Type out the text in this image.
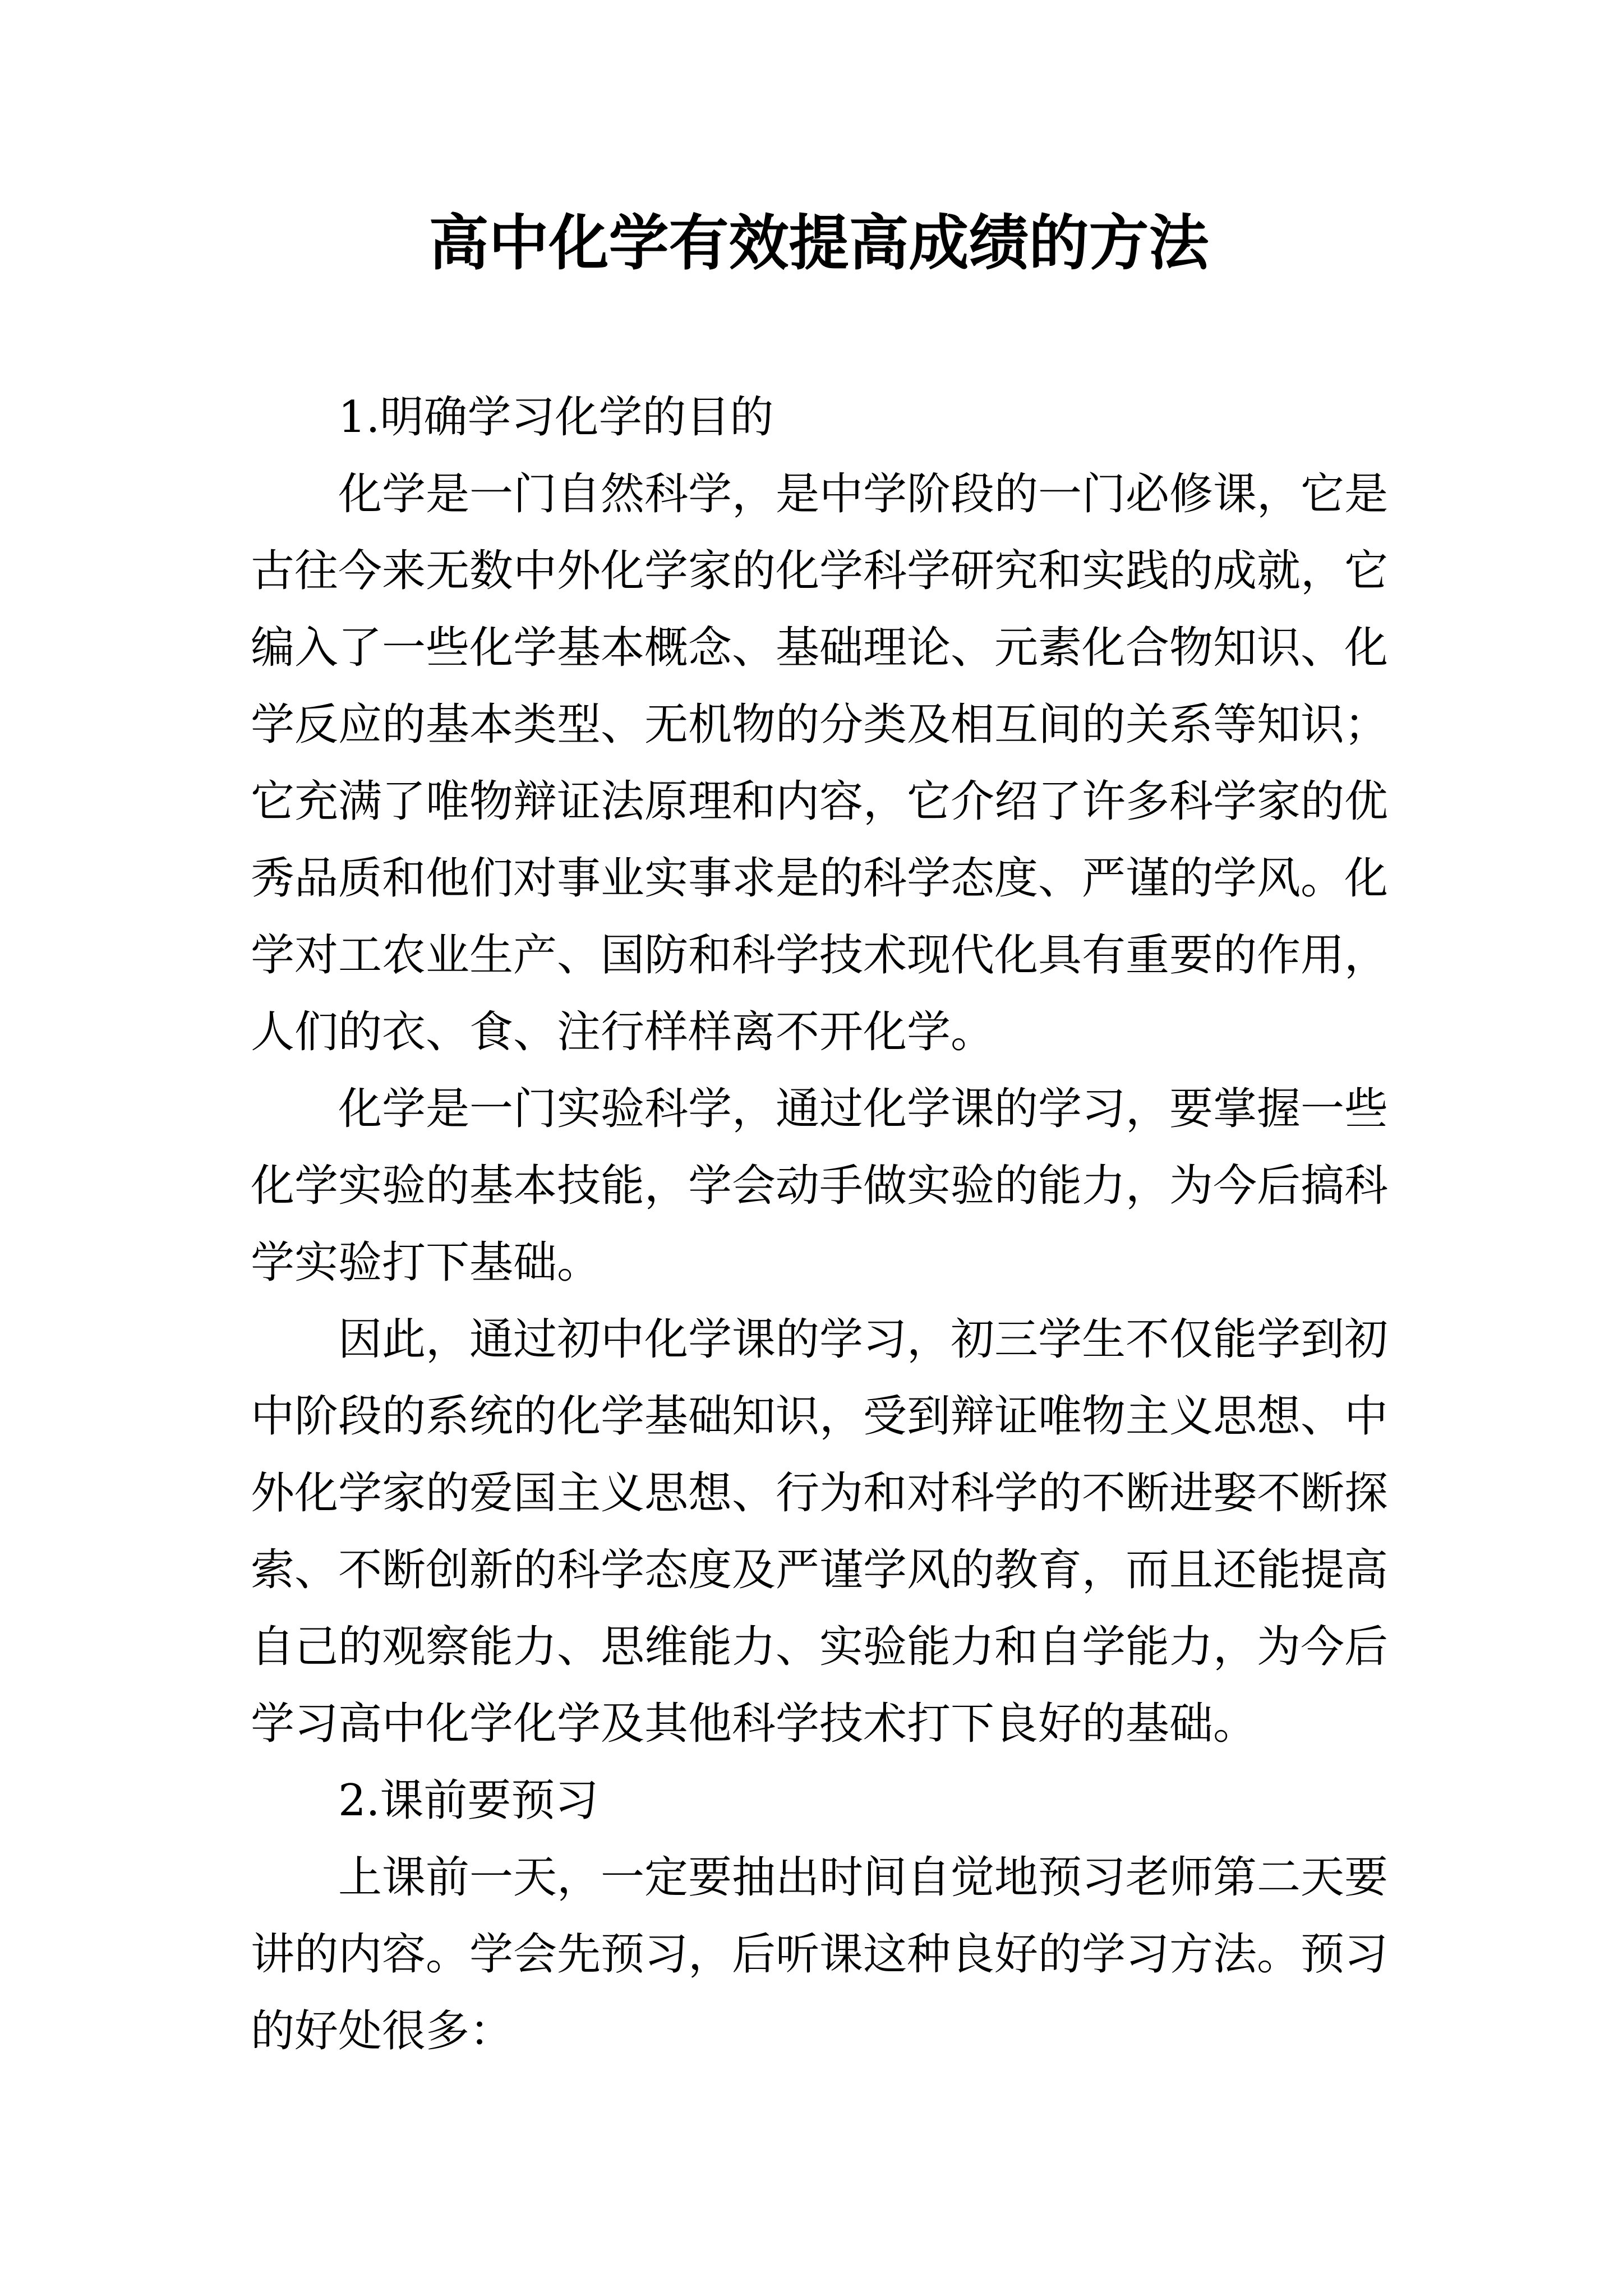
高中化学有效提高成绩的方法
1.明确学习化学的目的
化学是一门自然科学，是中学阶段的一门必修课，它是
古往今来无数中外化学家的化学科学研究和实践的成就，它
编入了一些化学基本概念、基础理论、元素化合物知识、化
学反应的基本类型、无机物的分类及相互间的关系等知识；
它充满了唯物辩证法原理和内容，它介绍了许多科学家的优
秀品质和他们对事业实事求是的科学态度、严谨的学风。化
学对工农业生产、国防和科学技术现代化具有重要的作用，
人们的衣、食、注行样样离不开化学。
化学是一门实验科学，通过化学课的学习，要掌握一些
化学实验的基本技能，学会动手做实验的能力，为今后搞科
学实验打下基础。
因此，通过初中化学课的学习，初三学生不仅能学到初
中阶段的系统的化学基础知识，受到辩证唯物主义思想、中
外化学家的爱国主义思想、行为和对科学的不断进娶不断探
索、不断创新的科学态度及严谨学风的教育，而且还能提高
自己的观察能力、思维能力、实验能力和自学能力，为今后
学习高中化学化学及其他科学技术打下良好的基础。
2.课前要预习
上课前一天，一定要抽出时间自觉地预习老师第二天要
讲的内容。学会先预习，后听课这种良好的学习方法。预习
的好处很多：
